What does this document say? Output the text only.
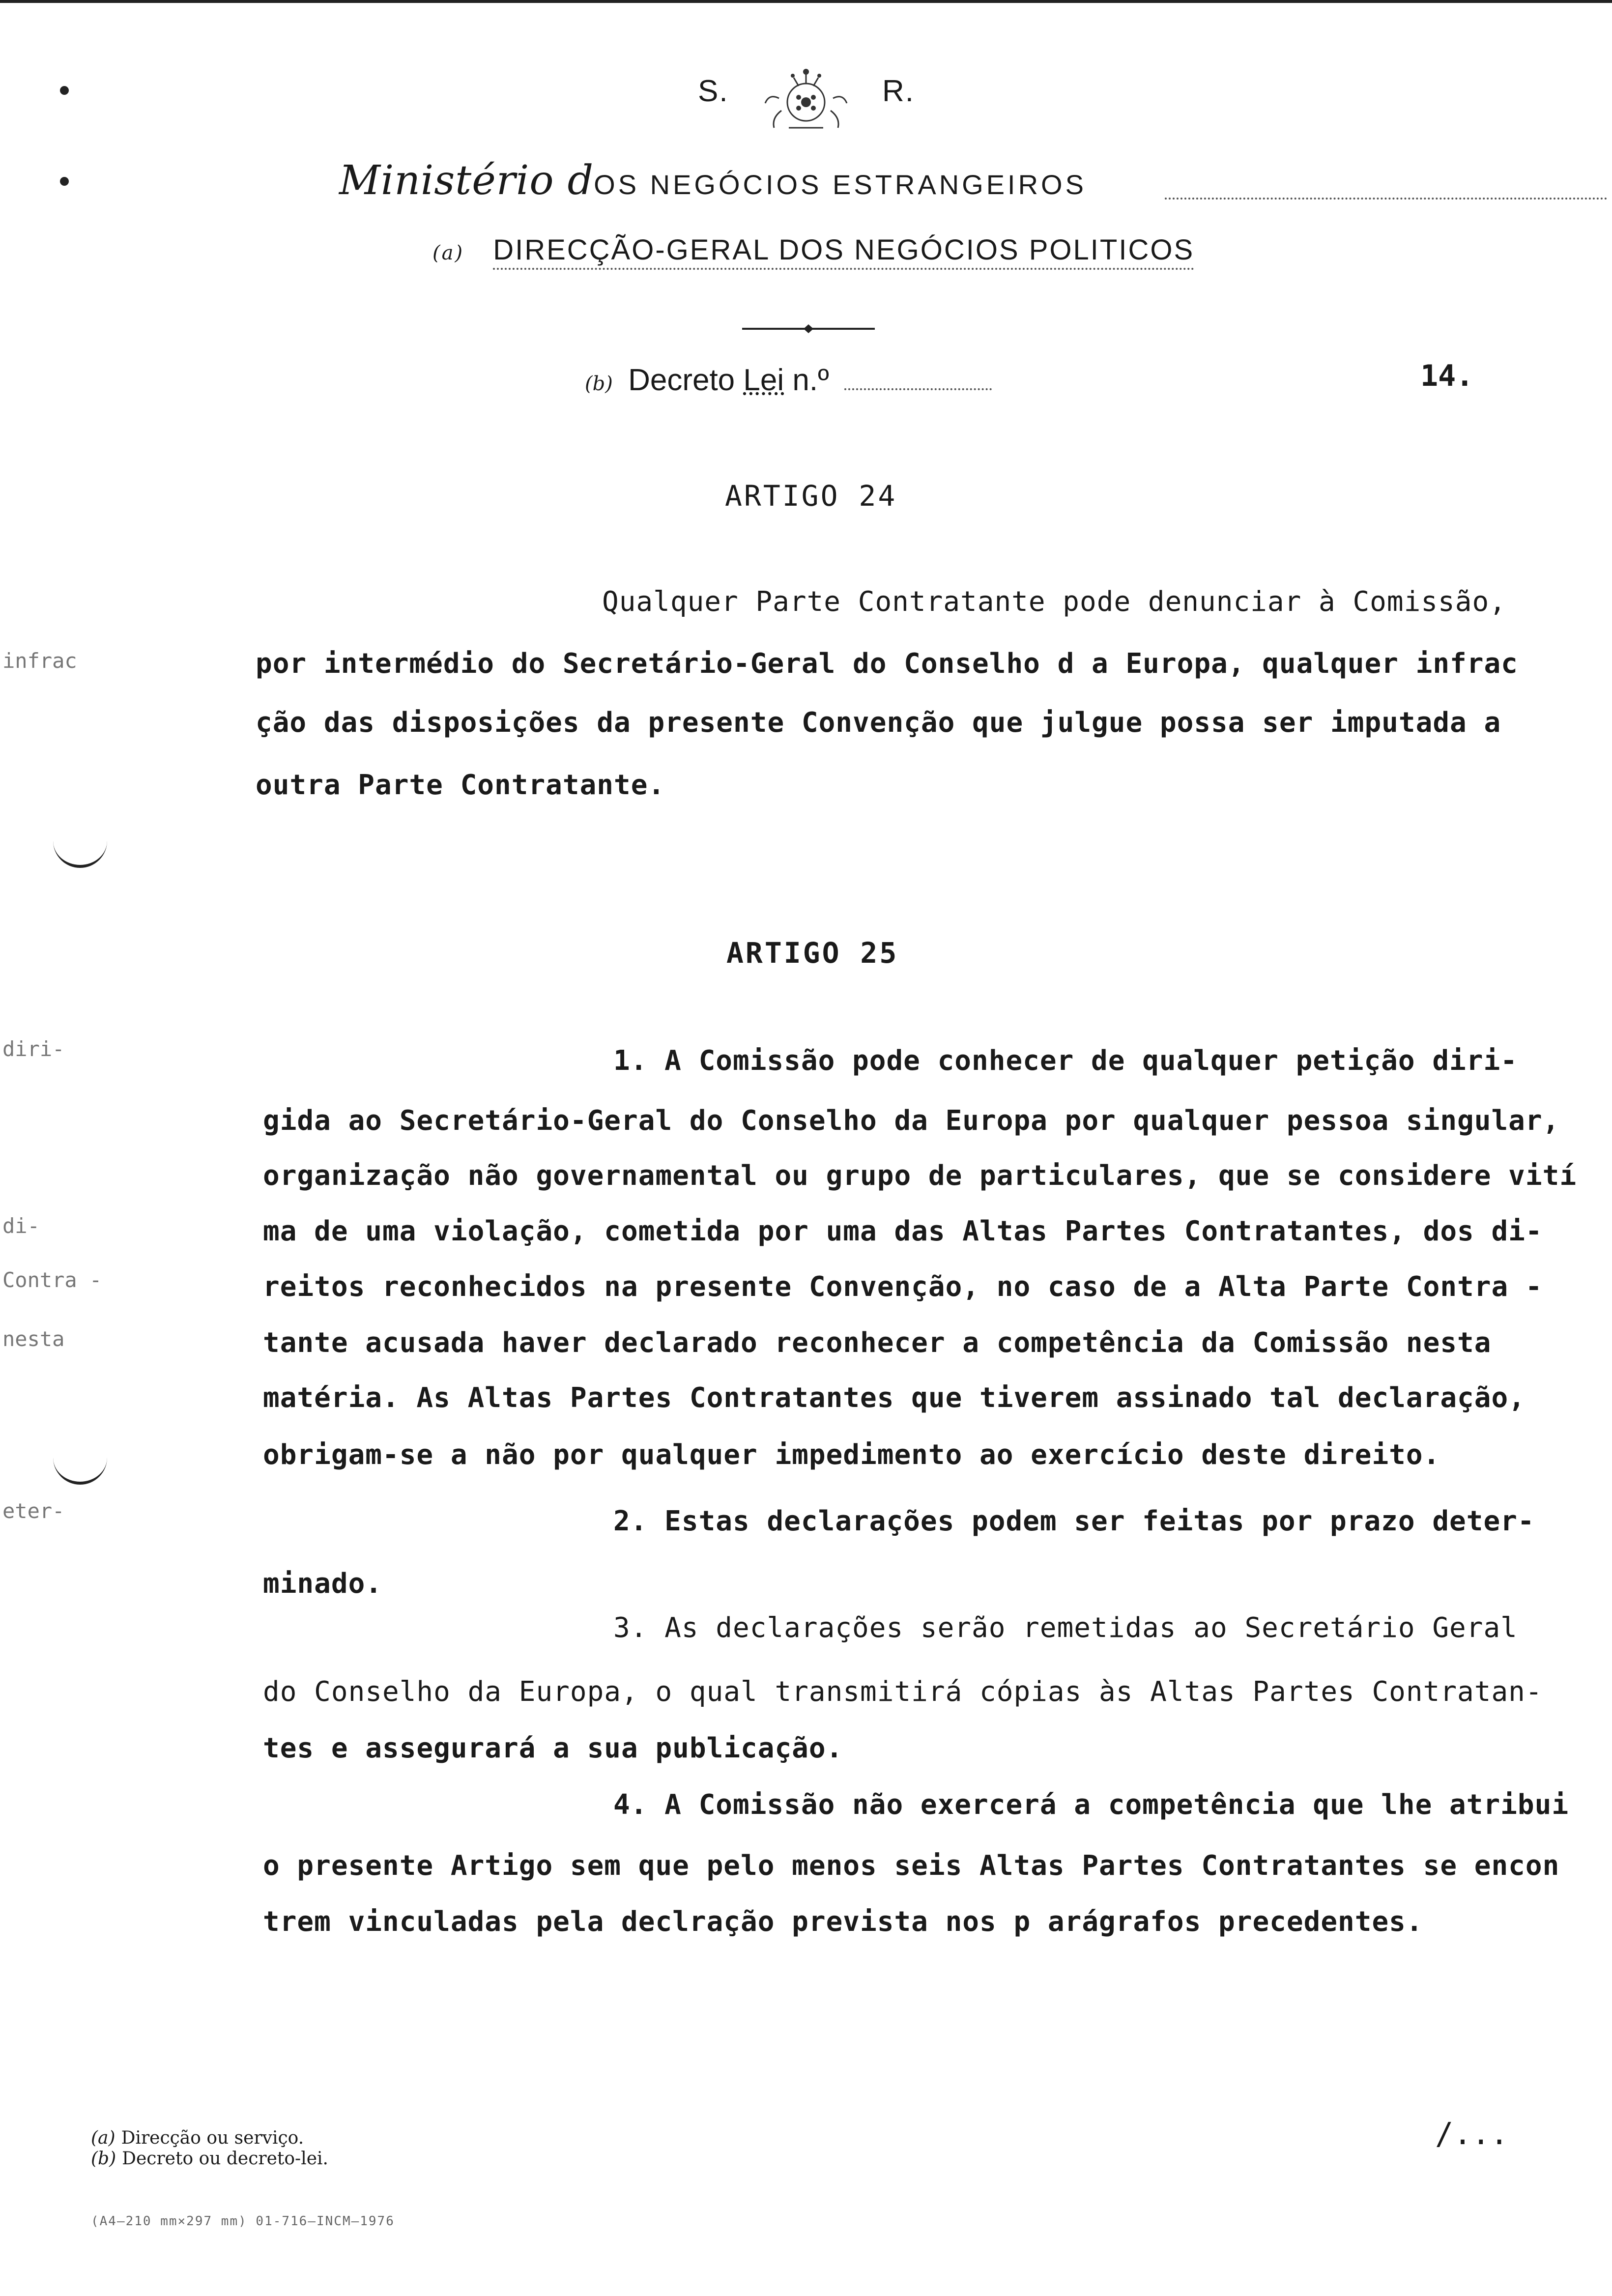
infrac
diri-
di-
Contra -
nesta
eter-
S.	R.
Ministério dOS NEGÓCIOS ESTRANGEIROS
(a) DIRECÇÃO-GERAL DOS NEGÓCIOS POLITICOS
(b) Decreto Lei n.º	14.
ARTIGO 24
Qualquer Parte Contratante pode denunciar à Comissão,
por intermédio do Secretário-Geral do Conselho d a Europa, qualquer infrac
ção das disposições da presente Convenção que julgue possa ser imputada a
outra Parte Contratante.
ARTIGO 25
1. A Comissão pode conhecer de qualquer petição diri-
gida ao Secretário-Geral do Conselho da Europa por qualquer pessoa singular,
organização não governamental ou grupo de particulares, que se considere vití
ma de uma violação, cometida por uma das Altas Partes Contratantes, dos di-
reitos reconhecidos na presente Convenção, no caso de a Alta Parte Contra -
tante acusada haver declarado reconhecer a competência da Comissão nesta
matéria. As Altas Partes Contratantes que tiverem assinado tal declaração,
obrigam-se a não por qualquer impedimento ao exercício deste direito.
2. Estas declarações podem ser feitas por prazo deter-
minado.
3. As declarações serão remetidas ao Secretário Geral
do Conselho da Europa, o qual transmitirá cópias às Altas Partes Contratan-
tes e assegurará a sua publicação.
4. A Comissão não exercerá a competência que lhe atribui
o presente Artigo sem que pelo menos seis Altas Partes Contratantes se encon
trem vinculadas pela declração prevista nos p arágrafos precedentes.
/...
(a) Direcção ou serviço.
(b) Decreto ou decreto-lei.
(A4—210 mm×297 mm) 01-716—INCM—1976
